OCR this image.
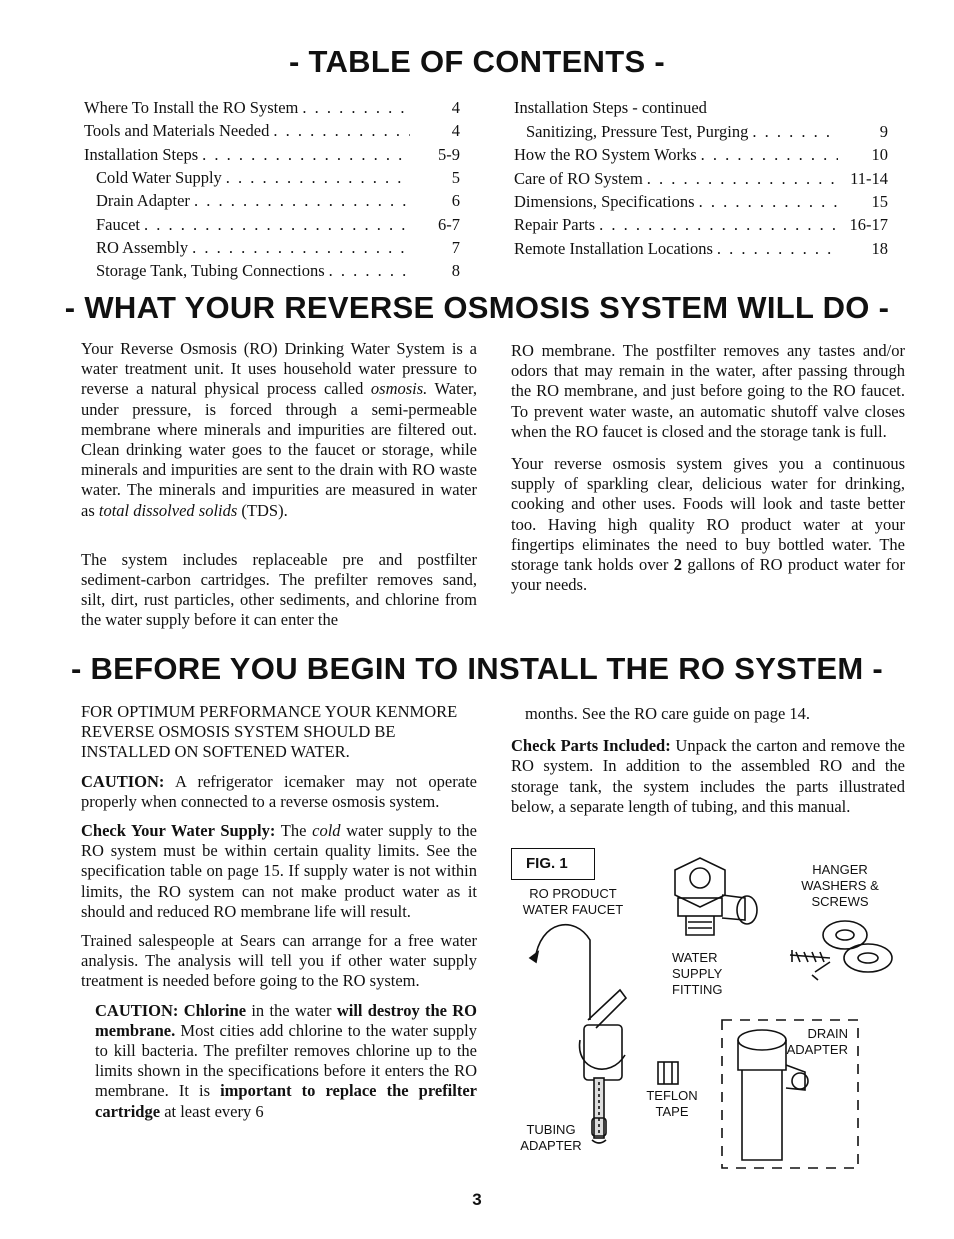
- TABLE OF CONTENTS -
Where To Install the RO System . . .	4
Tools and Materials Needed . . .	4
Installation Steps . . .	5-9
Cold Water Supply . . .	5
Drain Adapter . . .	6
Faucet . . .	6-7
RO Assembly . . .	7
Storage Tank, Tubing Connections . . .	8
Installation Steps - continued
Sanitizing, Pressure Test, Purging . . .	9
How the RO System Works . . .	10
Care of RO System . . .	11-14
Dimensions, Specifications . . .	15
Repair Parts . . .	16-17
Remote Installation Locations . . .	18
- WHAT YOUR REVERSE OSMOSIS SYSTEM WILL DO -

Your Reverse Osmosis (RO) Drinking Water System is a water treatment unit. It uses household water pressure to reverse a natural physical process called osmosis. Water, under pressure, is forced through a semi-permeable membrane where minerals and impurities are filtered out. Clean drinking water goes to the faucet or storage, while minerals and impurities are sent to the drain with RO waste water. The minerals and impurities are measured in water as total dissolved solids (TDS).

The system includes replaceable pre and postfilter sediment-carbon cartridges. The prefilter removes sand, silt, dirt, rust particles, other sediments, and chlorine from the water supply before it can enter the

RO membrane. The postfilter removes any tastes and/or odors that may remain in the water, after passing through the RO membrane, and just before going to the RO faucet. To prevent water waste, an automatic shutoff valve closes when the RO faucet is closed and the storage tank is full.

Your reverse osmosis system gives you a continuous supply of sparkling clear, delicious water for drinking, cooking and other uses. Foods will look and taste better too. Having high quality RO product water at your fingertips eliminates the need to buy bottled water. The storage tank holds over 2 gallons of RO product water for your needs.

- BEFORE YOU BEGIN TO INSTALL THE RO SYSTEM -

FOR OPTIMUM PERFORMANCE YOUR KENMORE REVERSE OSMOSIS SYSTEM SHOULD BE INSTALLED ON SOFTENED WATER.

CAUTION: A refrigerator icemaker may not operate properly when connected to a reverse osmosis system.

Check Your Water Supply: The cold water supply to the RO system must be within certain quality limits. See the specification table on page 15. If supply water is not within limits, the RO system can not make product water as it should and reduced RO membrane life will result.

Trained salespeople at Sears can arrange for a free water analysis. The analysis will tell you if other water supply treatment is needed before going to the RO system.

CAUTION: Chlorine in the water will destroy the RO membrane. Most cities add chlorine to the water supply to kill bacteria. The prefilter removes chlorine up to the limits shown in the specifications before it enters the RO membrane. It is important to replace the prefilter cartridge at least every 6

months. See the RO care guide on page 14.

Check Parts Included: Unpack the carton and remove the RO system. In addition to the assembled RO and the storage tank, the system includes the parts illustrated below, a separate length of tubing, and this manual.

FIG. 1
RO PRODUCT WATER FAUCET
HANGER WASHERS & SCREWS
WATER SUPPLY FITTING
DRAIN ADAPTER
TEFLON TAPE
TUBING ADAPTER
3
